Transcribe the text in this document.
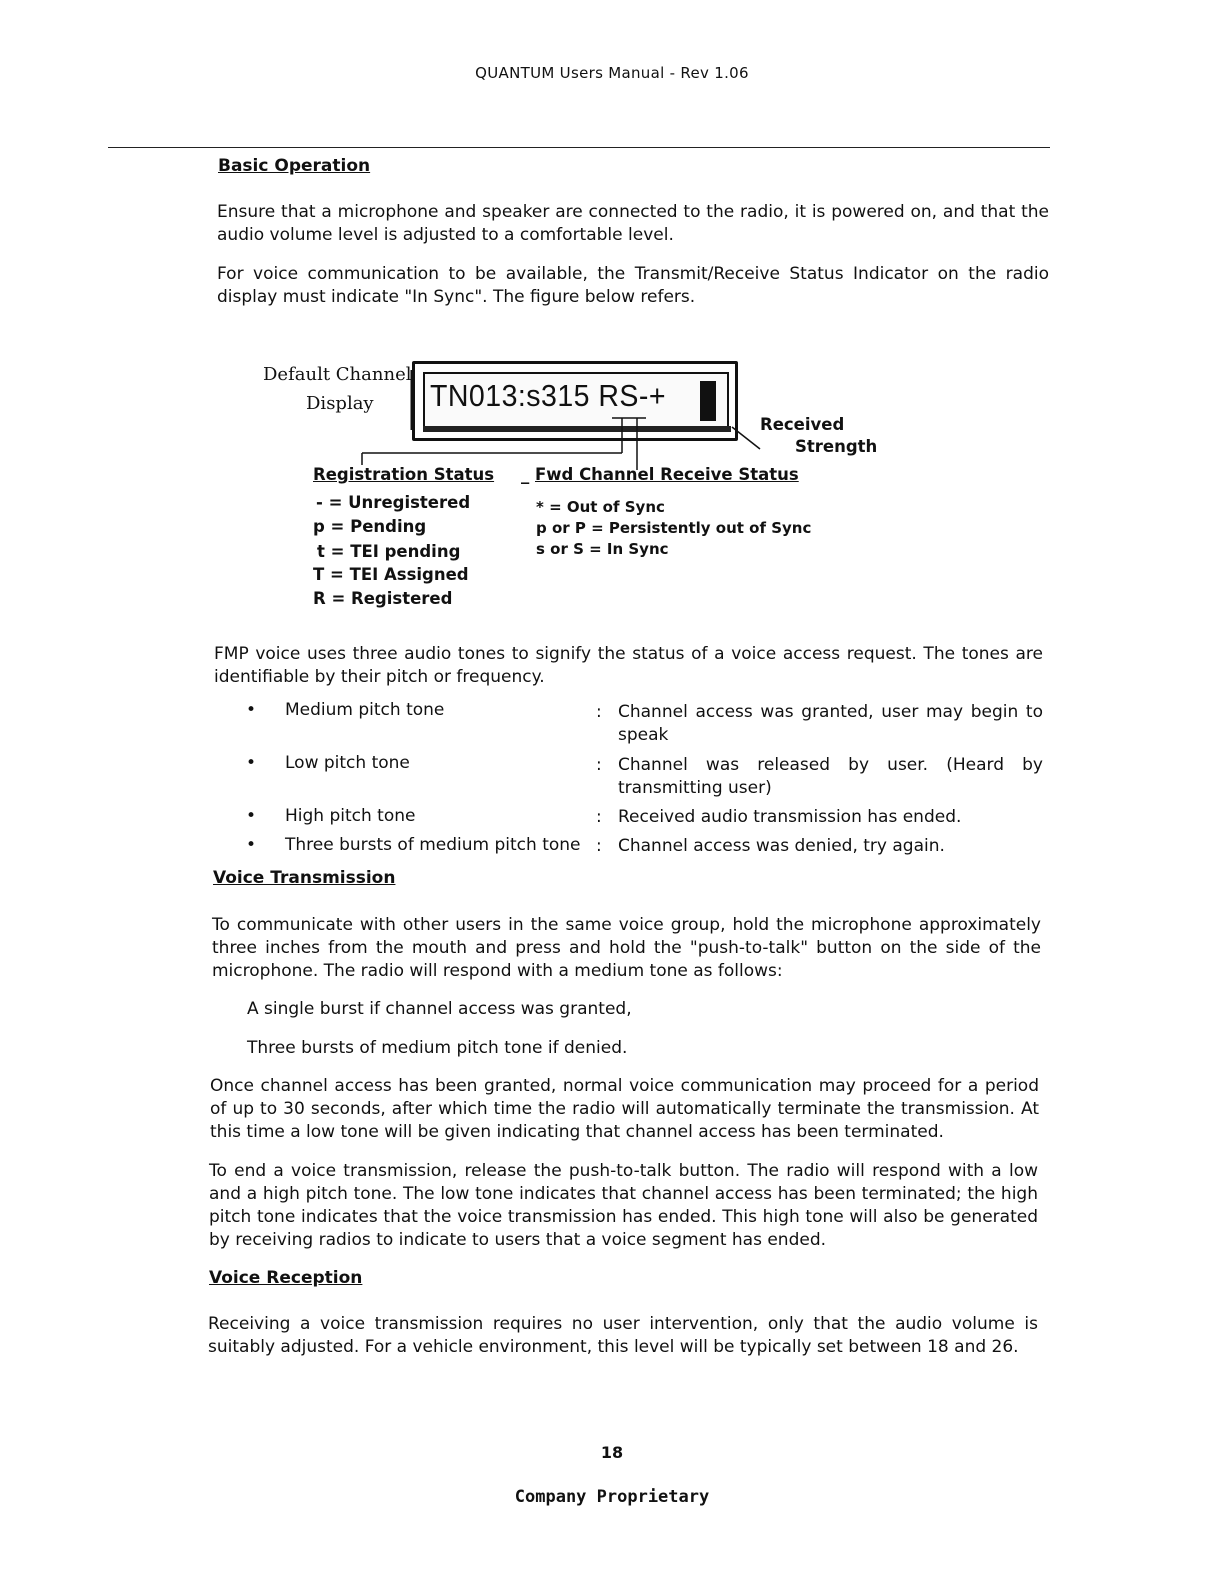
QUANTUM Users Manual - Rev 1.06
Basic Operation
Ensure that a microphone and speaker are connected to the radio, it is powered on, and that the audio volume level is adjusted to a comfortable level.
For voice communication to be available, the Transmit/Receive Status Indicator on the radio display must indicate "In Sync". The figure below refers.
Default Channel
Display TN013:s315 RS-+
Received
Strength
Registration Status _ Fwd Channel Receive Status
- = Unregistered
p = Pending
t = TEI pending
T = TEI Assigned
R = Registered
* = Out of Sync
p or P = Persistently out of Sync
s or S = In Sync
FMP voice uses three audio tones to signify the status of a voice access request. The tones are identifiable by their pitch or frequency.
• Medium pitch tone	: Channel access was granted, user may begin to speak
• Low pitch tone	: Channel was released by user. (Heard by transmitting user)
• High pitch tone	: Received audio transmission has ended.
• Three bursts of medium pitch tone : Channel access was denied, try again.
Voice Transmission
To communicate with other users in the same voice group, hold the microphone approximately three inches from the mouth and press and hold the "push-to-talk" button on the side of the microphone. The radio will respond with a medium tone as follows:
A single burst if channel access was granted,
Three bursts of medium pitch tone if denied.
Once channel access has been granted, normal voice communication may proceed for a period of up to 30 seconds, after which time the radio will automatically terminate the transmission. At this time a low tone will be given indicating that channel access has been terminated.
To end a voice transmission, release the push-to-talk button. The radio will respond with a low and a high pitch tone. The low tone indicates that channel access has been terminated; the high pitch tone indicates that the voice transmission has ended. This high tone will also be generated by receiving radios to indicate to users that a voice segment has ended.
Voice Reception
Receiving a voice transmission requires no user intervention, only that the audio volume is suitably adjusted. For a vehicle environment, this level will be typically set between 18 and 26.
18
Company Proprietary
